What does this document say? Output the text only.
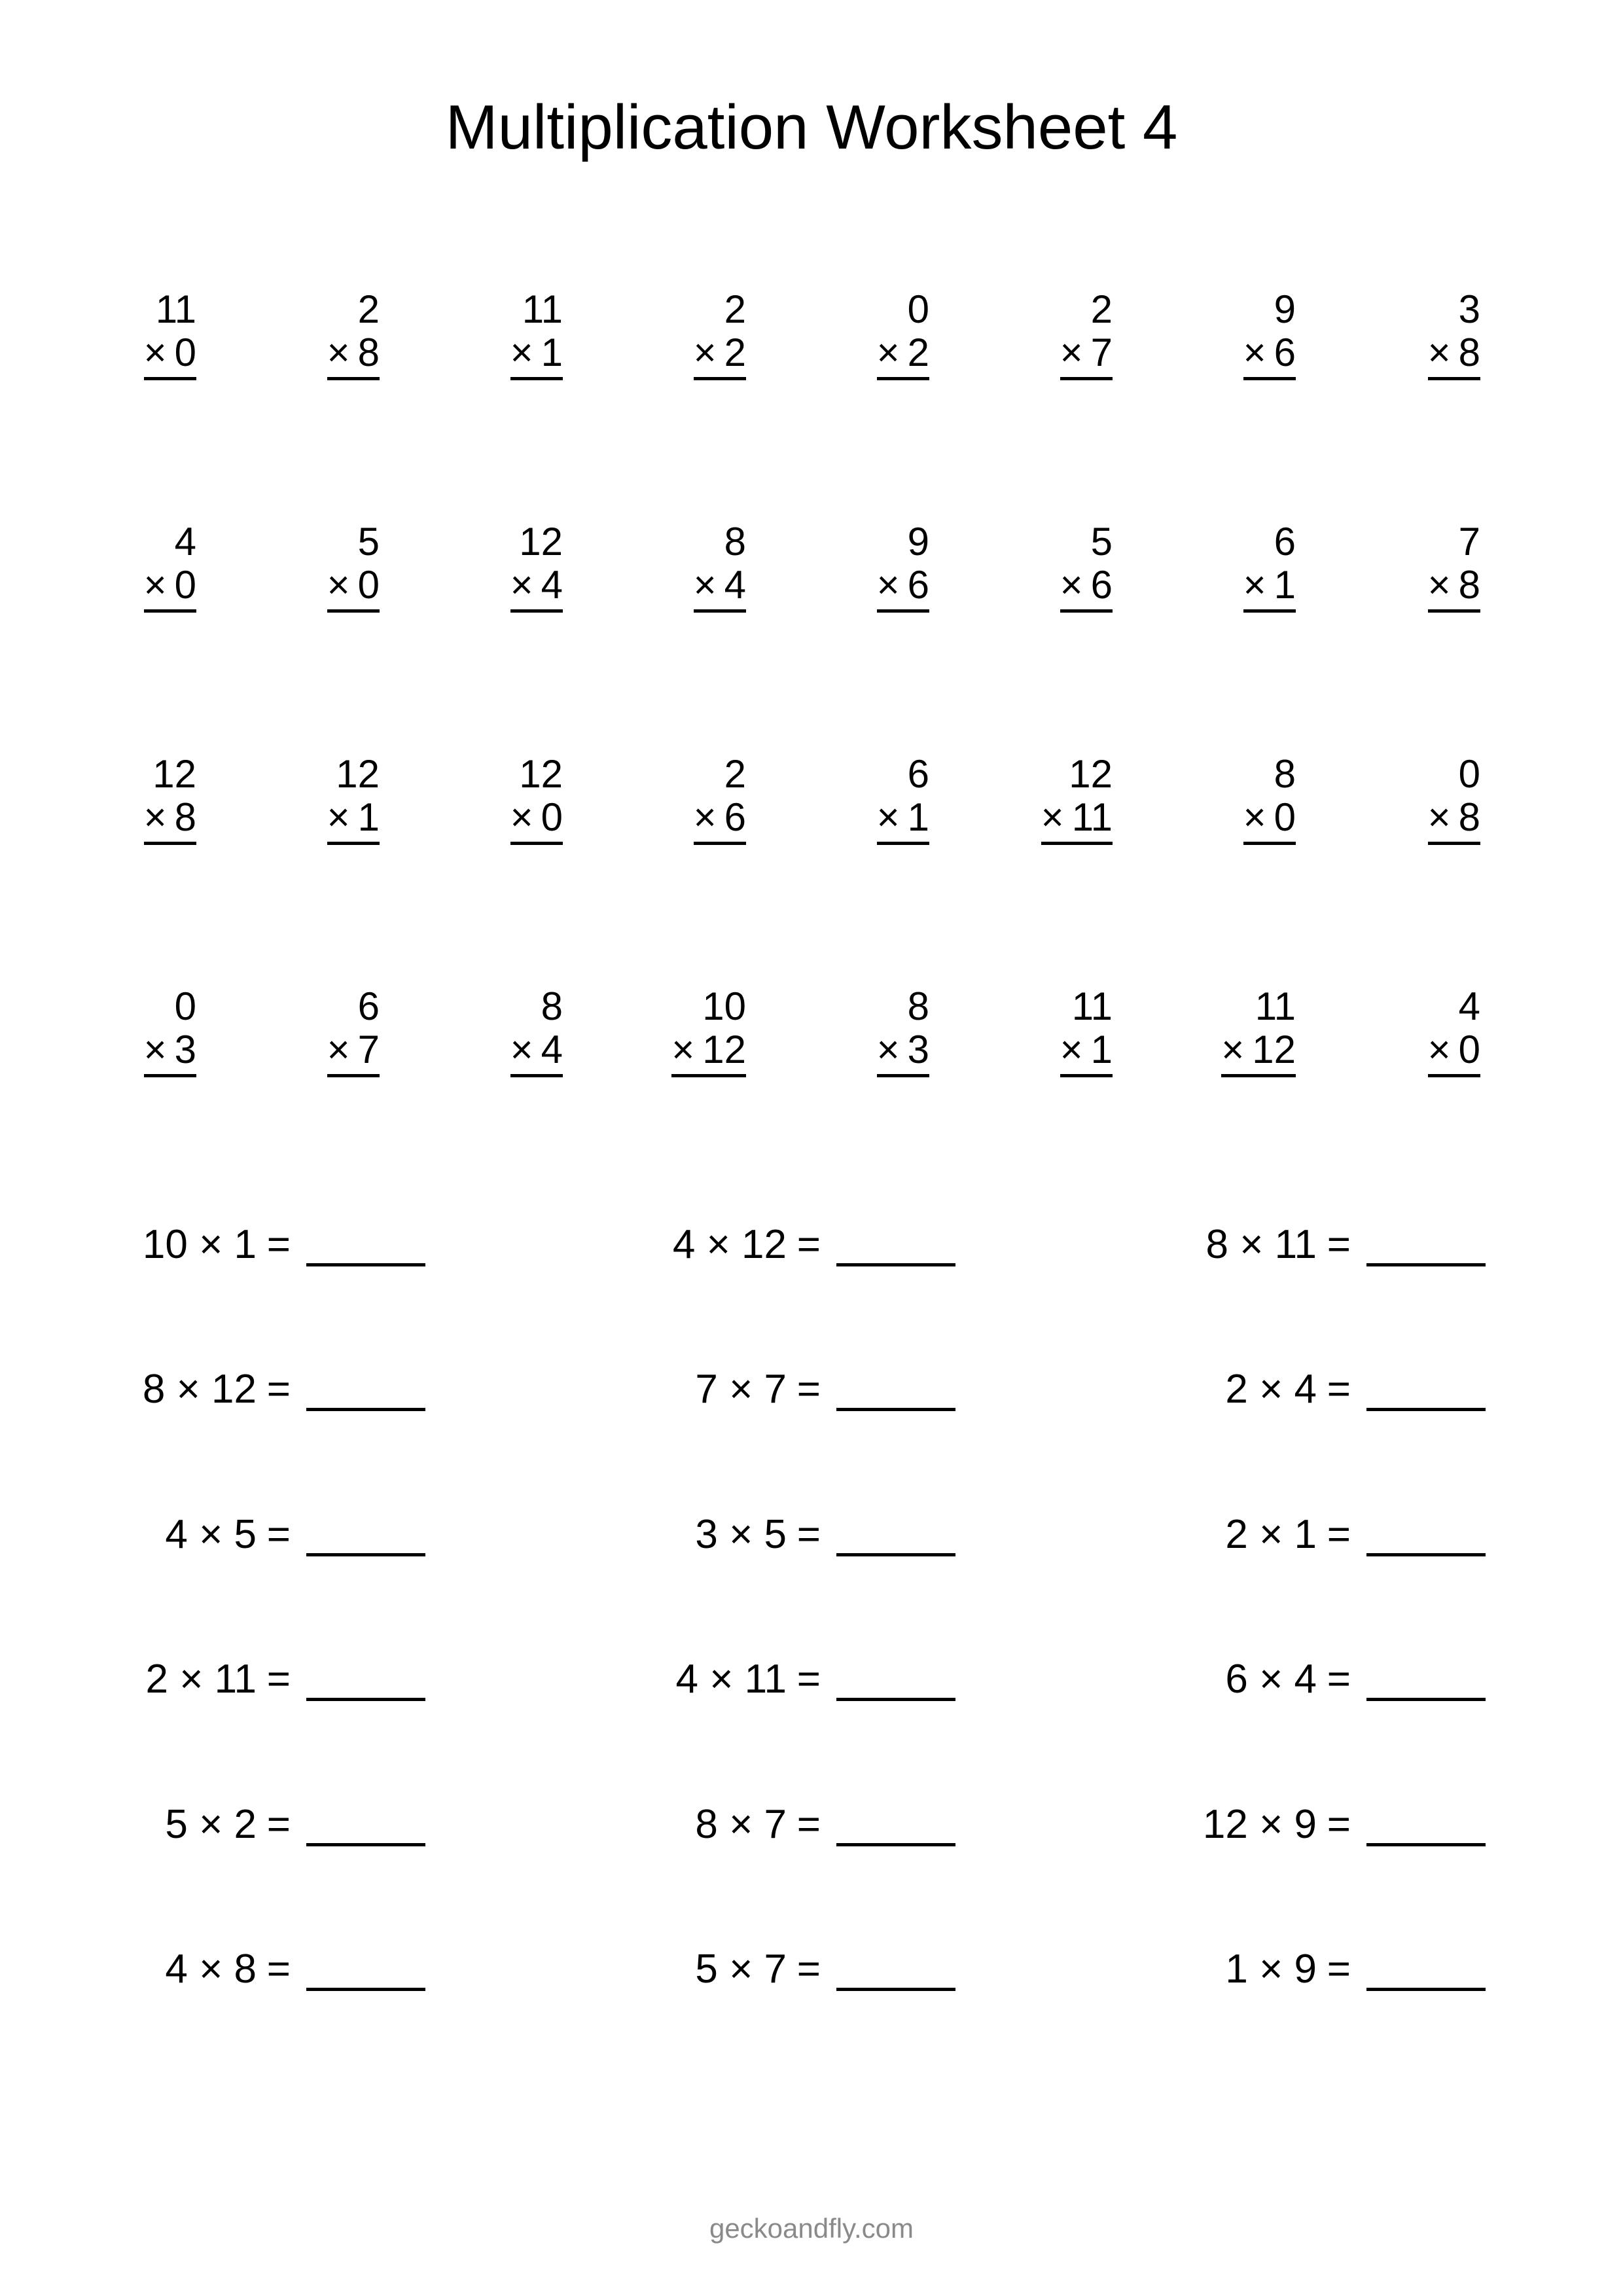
Multiplication Worksheet 4
11
× 0
2
× 8
11
× 1
2
× 2
0
× 2
2
× 7
9
× 6
3
× 8
4
× 0
5
× 0
12
× 4
8
× 4
9
× 6
5
× 6
6
× 1
7
× 8
12
× 8
12
× 1
12
× 0
2
× 6
6
× 1
12
× 11
8
× 0
0
× 8
0
× 3
6
× 7
8
× 4
10
× 12
8
× 3
11
× 1
11
× 12
4
× 0
10 × 1 =	4 × 12 =	8 × 11 =
8 × 12 =	7 × 7 =	2 × 4 =
4 × 5 =	3 × 5 =	2 × 1 =
2 × 11 =	4 × 11 =	6 × 4 =
5 × 2 =	8 × 7 =	12 × 9 =
4 × 8 =	5 × 7 =	1 × 9 =
geckoandfly.com
